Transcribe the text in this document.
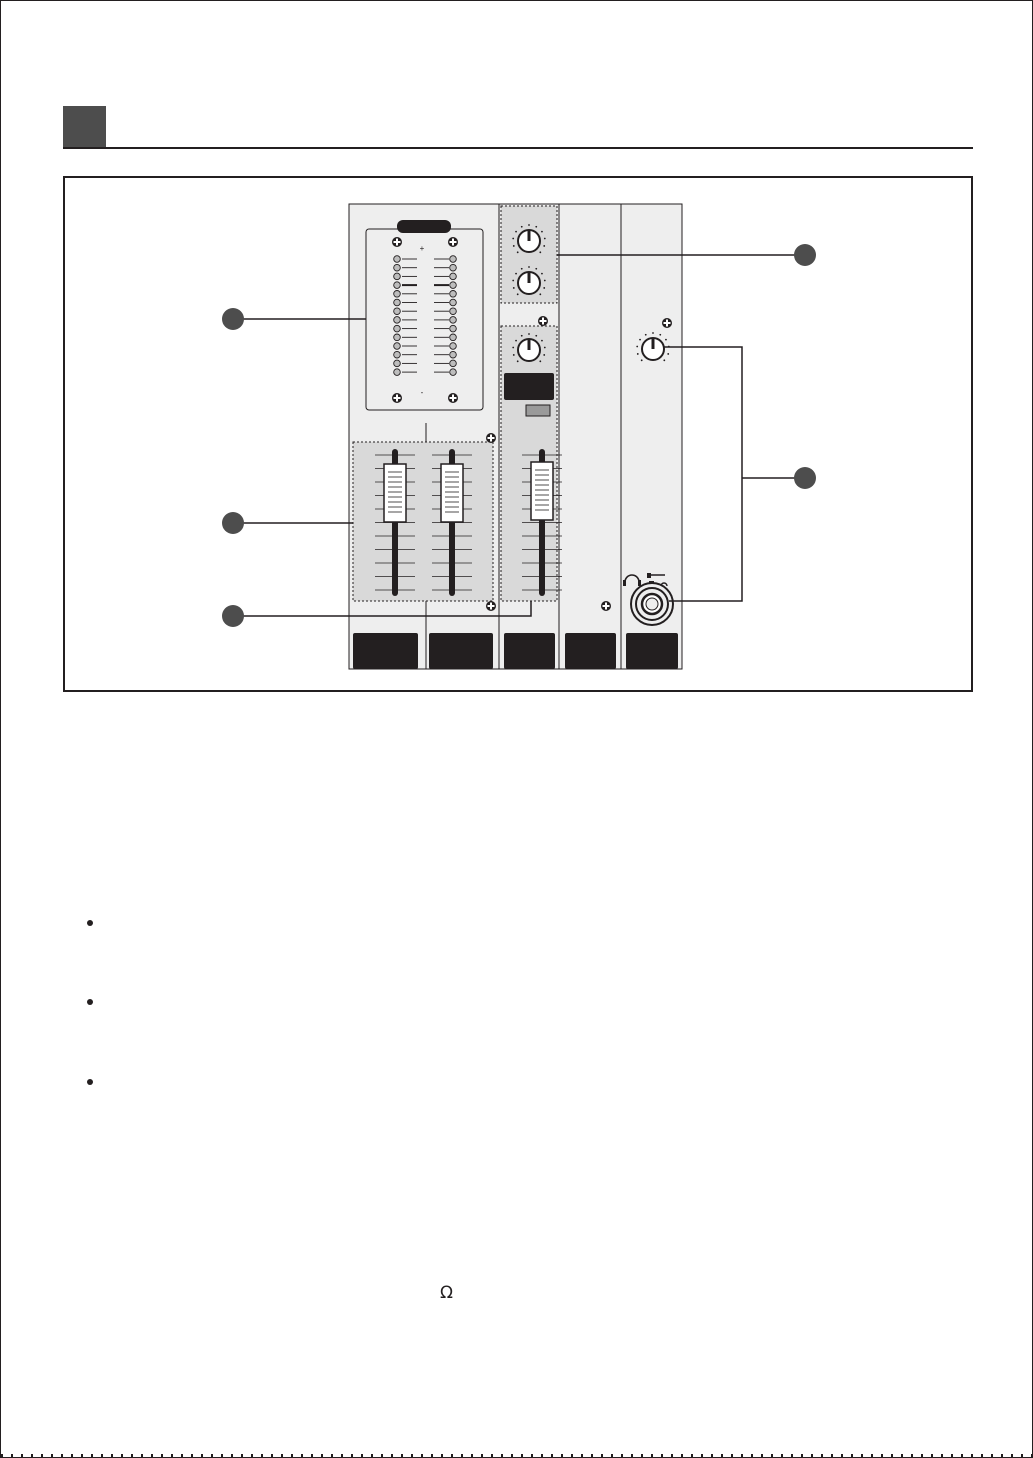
+
-
Ω
